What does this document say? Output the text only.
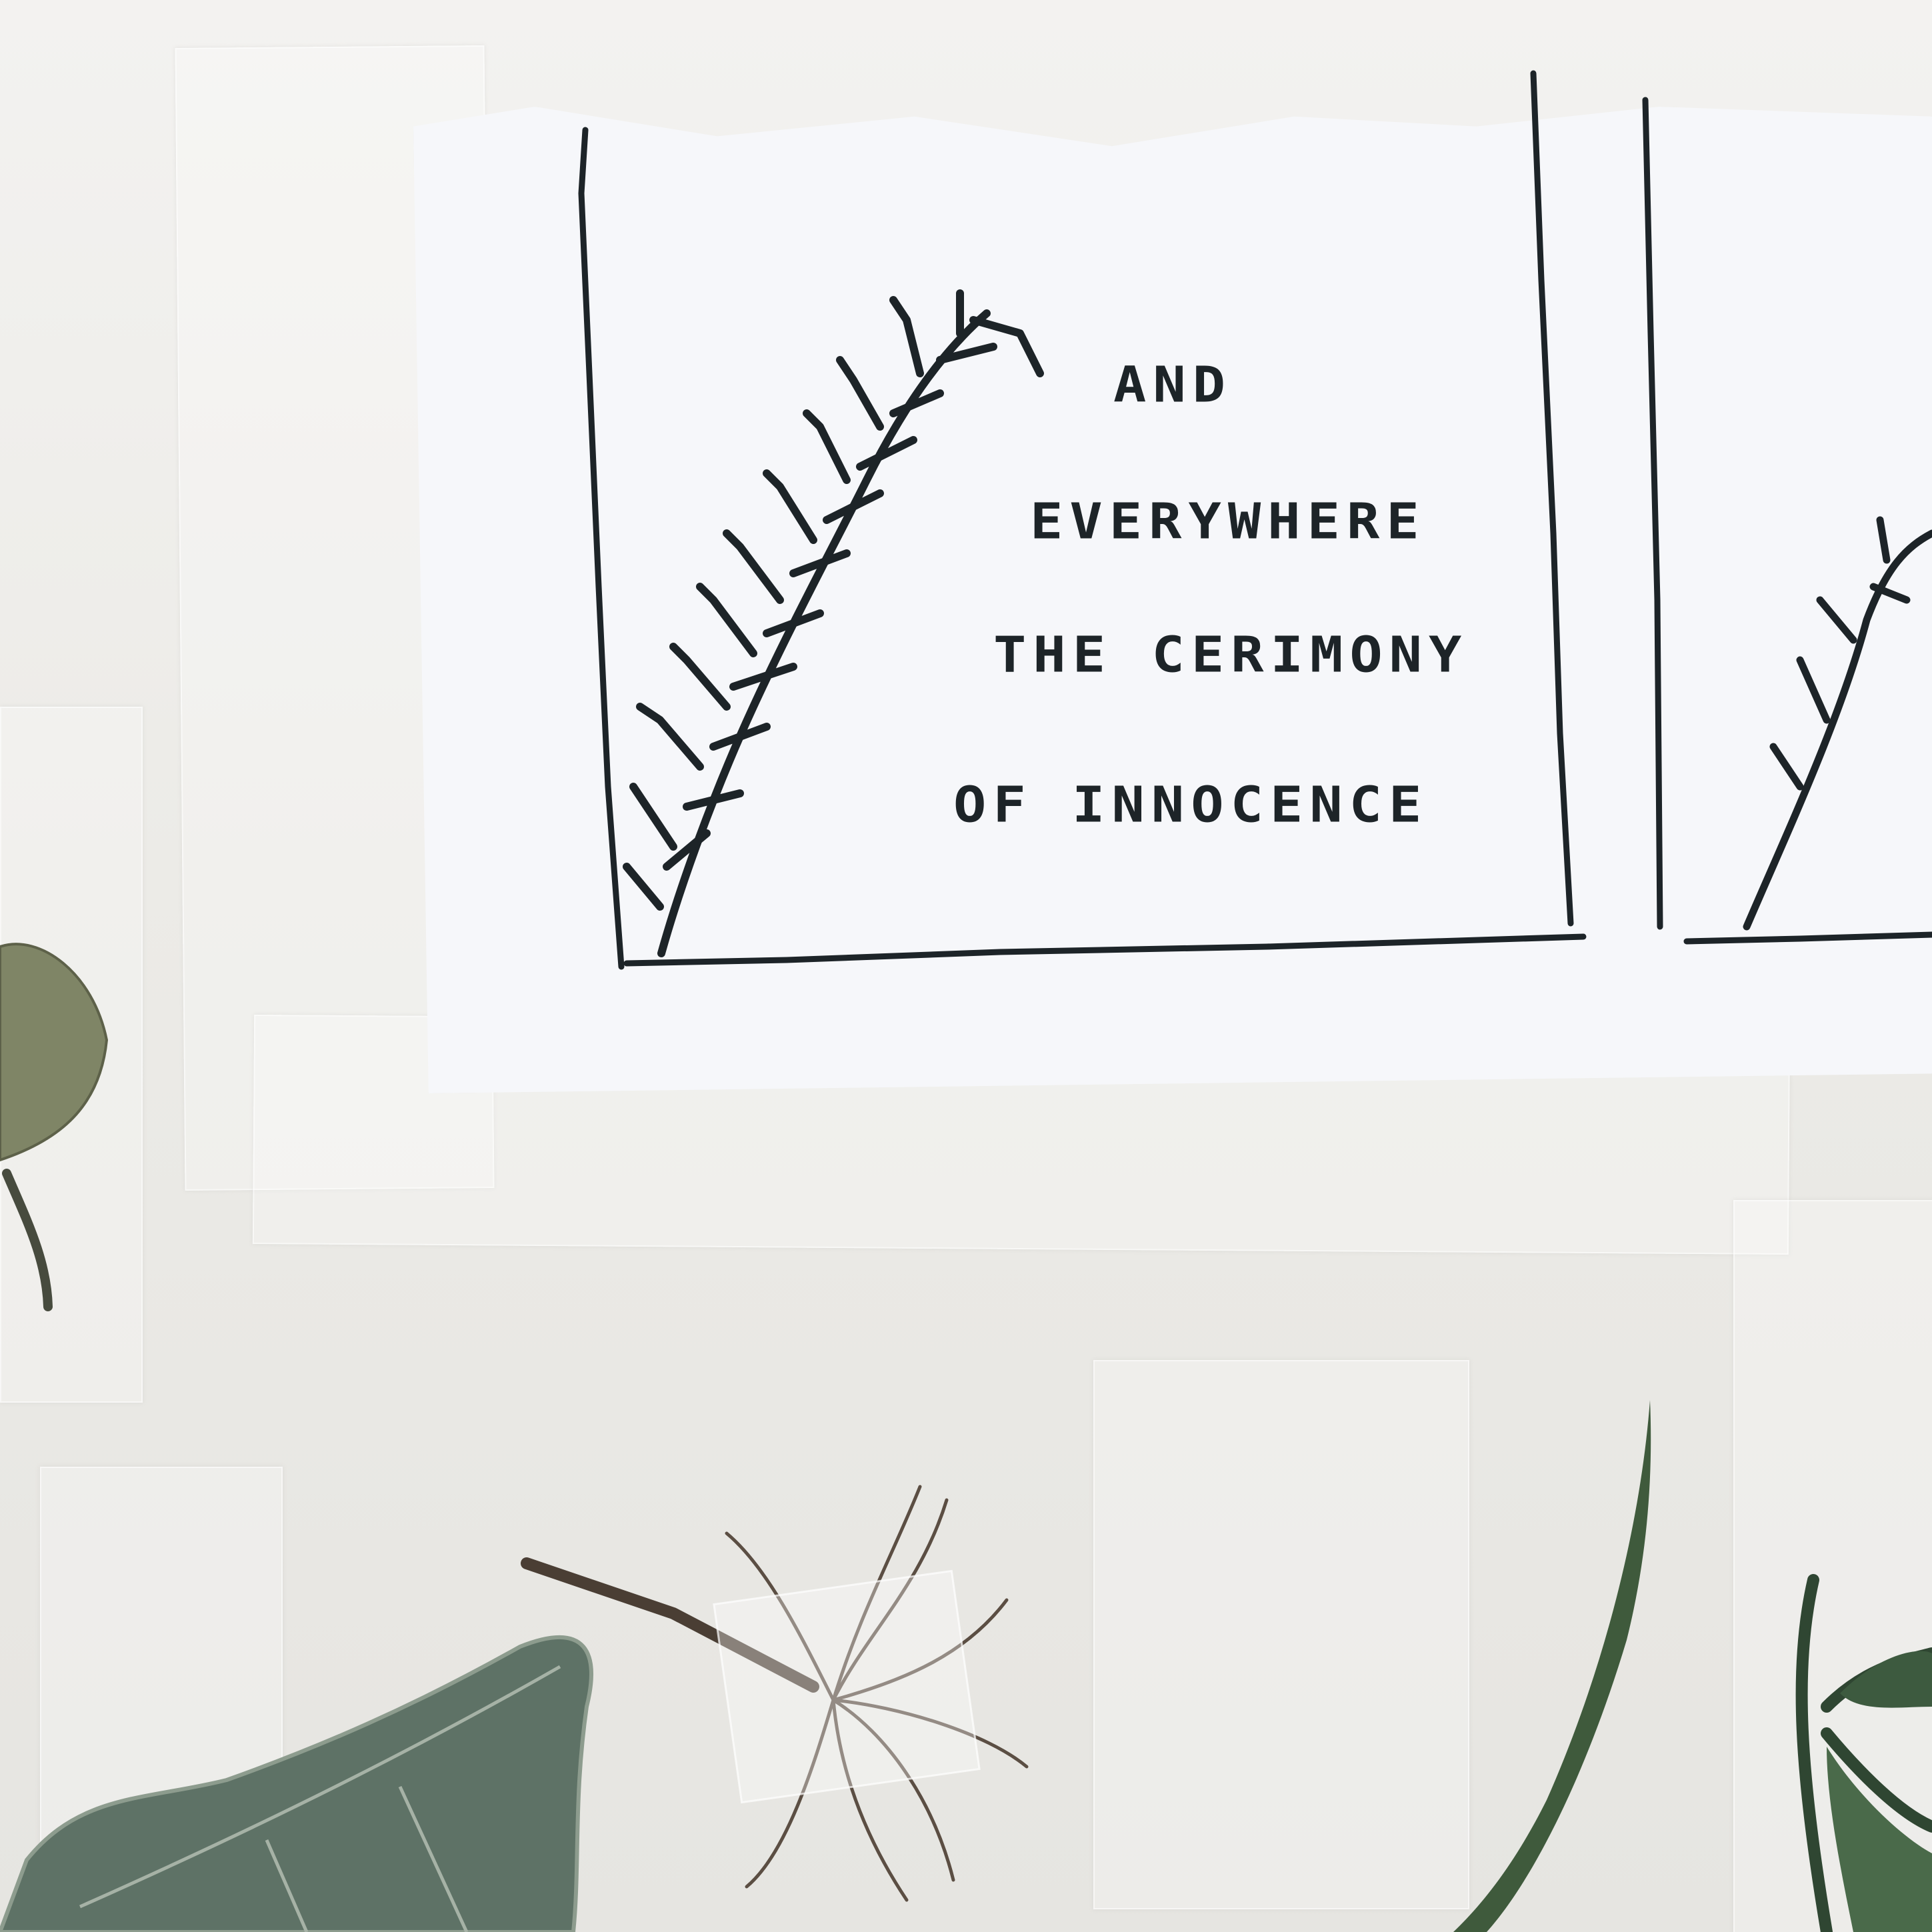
AND
EVERYWHERE
THE CERIMONY
OF INNOCENCE
